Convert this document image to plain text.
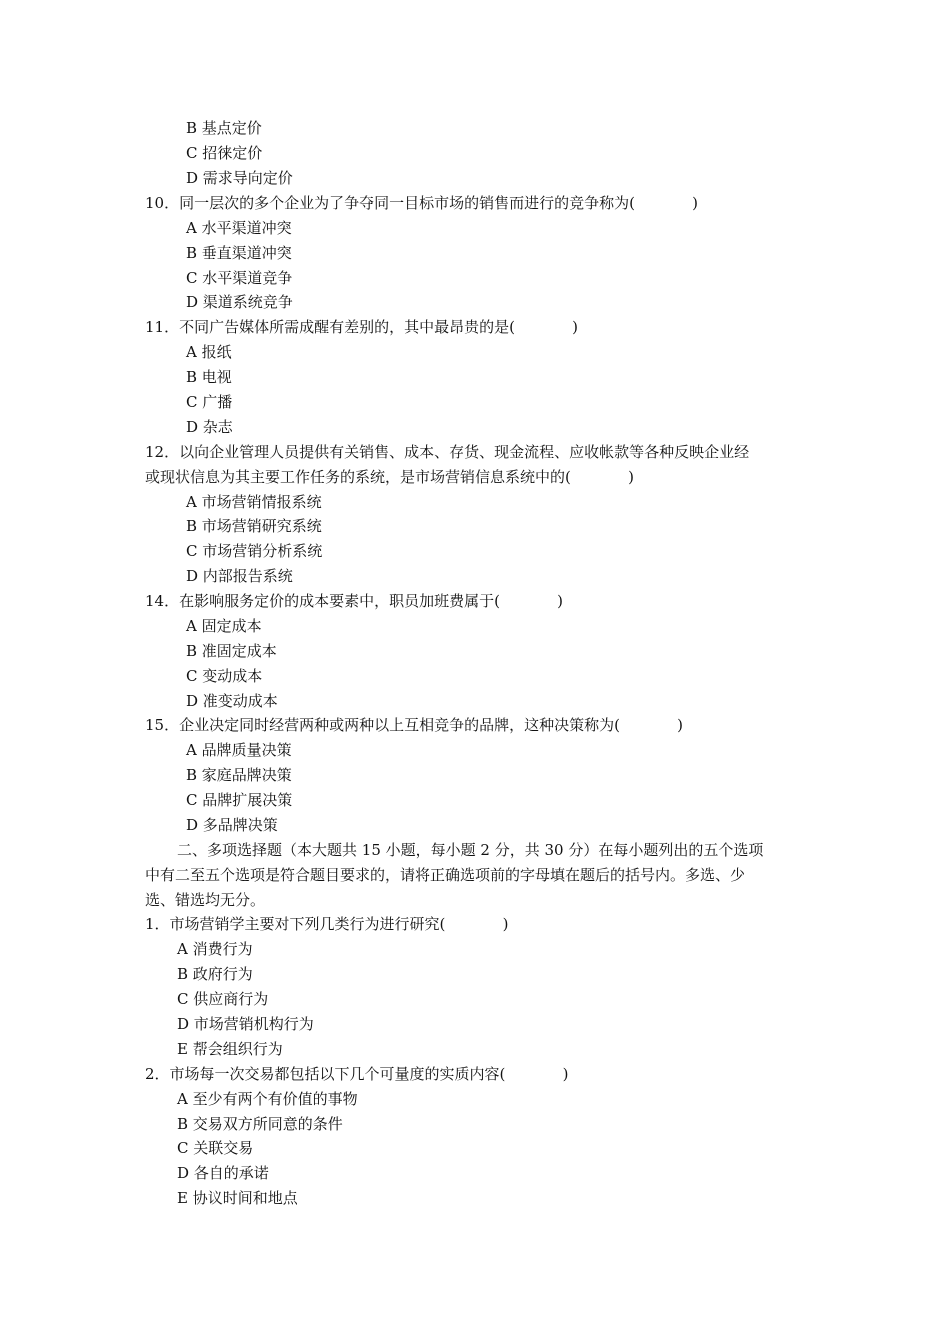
B 基点定价
C 招徕定价
D 需求导向定价
10．同一层次的多个企业为了争夺同一目标市场的销售而进行的竞争称为(            )
A 水平渠道冲突
B 垂直渠道冲突
C 水平渠道竞争
D 渠道系统竞争
11．不同广告媒体所需成醒有差别的，其中最昂贵的是(            )
A 报纸
B 电视
C 广播
D 杂志
12．以向企业管理人员提供有关销售、成本、存货、现金流程、应收帐款等各种反映企业经
或现状信息为其主要工作任务的系统，是市场营销信息系统中的(            )
A 市场营销情报系统
B 市场营销研究系统
C 市场营销分析系统
D 内部报告系统
14．在影响服务定价的成本要素中，职员加班费属于(            )
A 固定成本
B 准固定成本
C 变动成本
D 准变动成本
15．企业决定同时经营两种或两种以上互相竞争的品牌，这种决策称为(            )
A 品牌质量决策
B 家庭品牌决策
C 品牌扩展决策
D 多品牌决策
二、多项选择题（本大题共 15 小题，每小题 2 分，共 30 分）在每小题列出的五个选项
中有二至五个选项是符合题目要求的，请将正确选项前的字母填在题后的括号内。多选、少
选、错选均无分。
1．市场营销学主要对下列几类行为进行研究(            )
A 消费行为
B 政府行为
C 供应商行为
D 市场营销机构行为
E 帮会组织行为
2．市场每一次交易都包括以下几个可量度的实质内容(            )
A 至少有两个有价值的事物
B 交易双方所同意的条件
C 关联交易
D 各自的承诺
E 协议时间和地点
